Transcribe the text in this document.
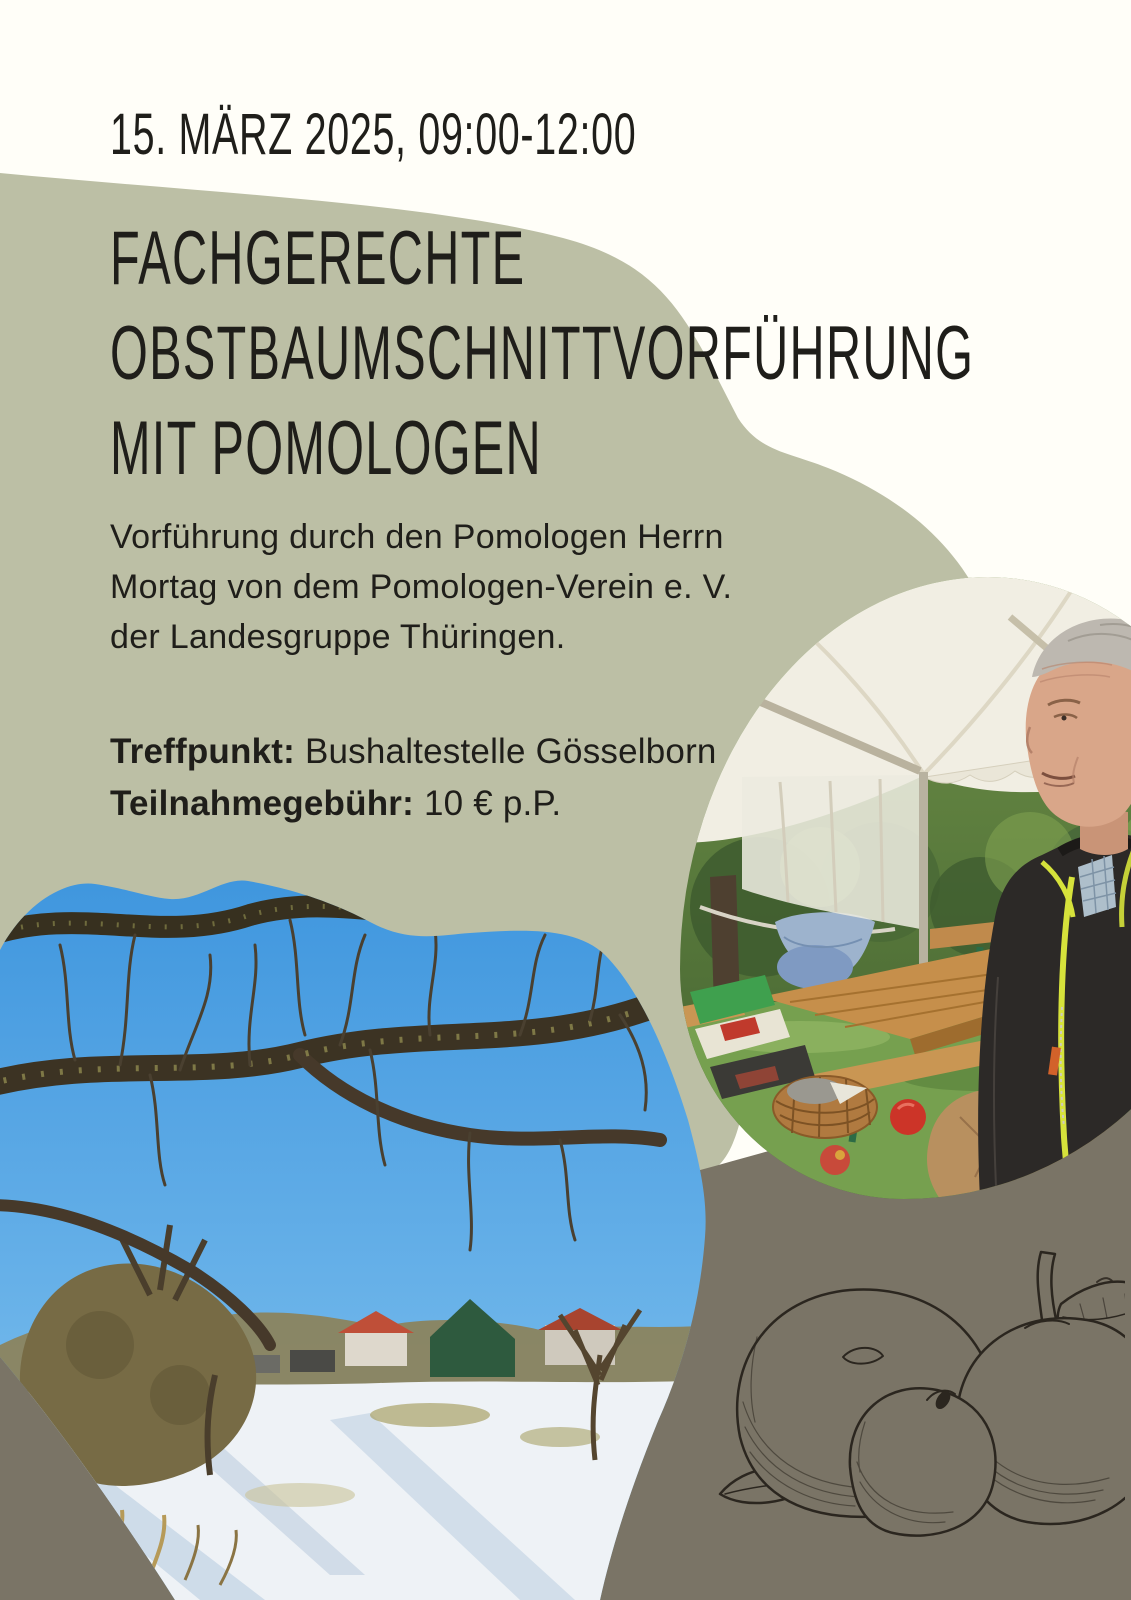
15. MÄRZ 2025, 09:00-12:00
FACHGERECHTE
OBSTBAUMSCHNITTVORFÜHRUNG
MIT POMOLOGEN
Vorführung durch den Pomologen Herrn
Mortag von dem Pomologen-Verein e. V.
der Landesgruppe Thüringen.
Treffpunkt: Bushaltestelle Gösselborn
Teilnahmegebühr: 10 € p.P.
